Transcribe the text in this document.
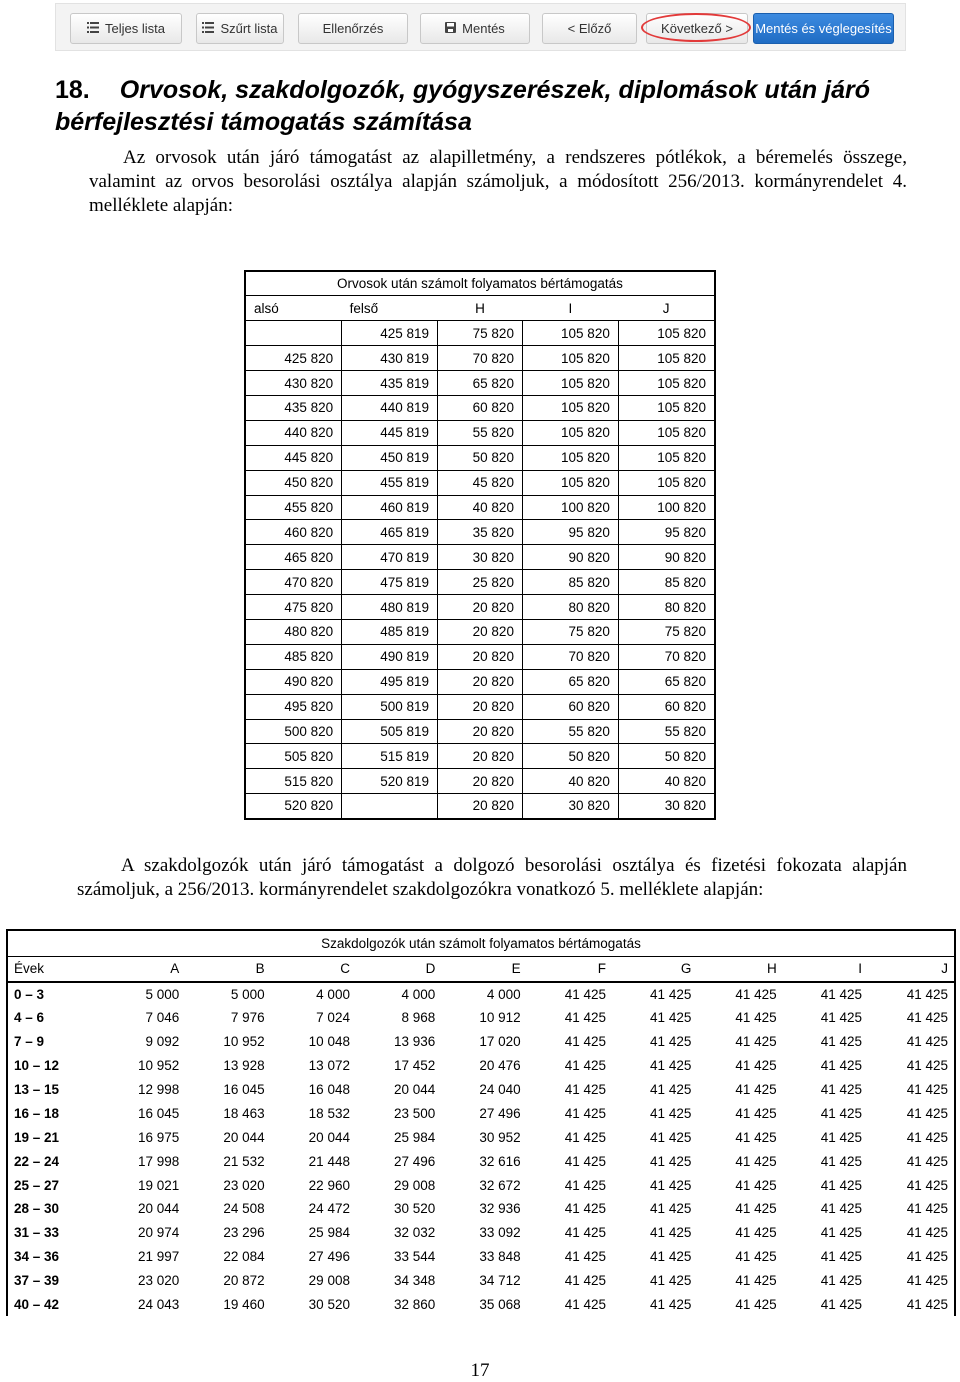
Teljes lista	Szűrt lista	Ellenőrzés	Mentés	< Előző	Következő > Mentés és véglegesítés
18. Orvosok, szakdolgozók, gyógyszerészek, diplomások után járó bérfejlesztési támogatás számítása

Az orvosok után járó támogatást az alapilletmény, a rendszeres pótlékok, a béremelés összege, valamint az orvos besorolási osztálya alapján számoljuk, a módosított 256/2013. kormányrendelet 4. melléklete alapján:

Orvosok után számolt folyamatos bértámogatás				
alsó	felső	H	I	J
	425 819	75 820	105 820	105 820
425 820	430 819	70 820	105 820	105 820
430 820	435 819	65 820	105 820	105 820
435 820	440 819	60 820	105 820	105 820
440 820	445 819	55 820	105 820	105 820
445 820	450 819	50 820	105 820	105 820
450 820	455 819	45 820	105 820	105 820
455 820	460 819	40 820	100 820	100 820
460 820	465 819	35 820	95 820	95 820
465 820	470 819	30 820	90 820	90 820
470 820	475 819	25 820	85 820	85 820
475 820	480 819	20 820	80 820	80 820
480 820	485 819	20 820	75 820	75 820
485 820	490 819	20 820	70 820	70 820
490 820	495 819	20 820	65 820	65 820
495 820	500 819	20 820	60 820	60 820
500 820	505 819	20 820	55 820	55 820
505 820	515 819	20 820	50 820	50 820
515 820	520 819	20 820	40 820	40 820
520 820		20 820	30 820	30 820

A szakdolgozók után járó támogatást a dolgozó besorolási osztálya és fizetési fokozata alapján számoljuk, a 256/2013. kormányrendelet szakdolgozókra vonatkozó 5. melléklete alapján:

Szakdolgozók után számolt folyamatos bértámogatás										
Évek	A	B	C	D	E	F	G	H	I	J
0 – 3	5 000	5 000	4 000	4 000	4 000	41 425	41 425	41 425	41 425	41 425
4 – 6	7 046	7 976	7 024	8 968	10 912	41 425	41 425	41 425	41 425	41 425
7 – 9	9 092	10 952	10 048	13 936	17 020	41 425	41 425	41 425	41 425	41 425
10 – 12	10 952	13 928	13 072	17 452	20 476	41 425	41 425	41 425	41 425	41 425
13 – 15	12 998	16 045	16 048	20 044	24 040	41 425	41 425	41 425	41 425	41 425
16 – 18	16 045	18 463	18 532	23 500	27 496	41 425	41 425	41 425	41 425	41 425
19 – 21	16 975	20 044	20 044	25 984	30 952	41 425	41 425	41 425	41 425	41 425
22 – 24	17 998	21 532	21 448	27 496	32 616	41 425	41 425	41 425	41 425	41 425
25 – 27	19 021	23 020	22 960	29 008	32 672	41 425	41 425	41 425	41 425	41 425
28 – 30	20 044	24 508	24 472	30 520	32 936	41 425	41 425	41 425	41 425	41 425
31 – 33	20 974	23 296	25 984	32 032	33 092	41 425	41 425	41 425	41 425	41 425
34 – 36	21 997	22 084	27 496	33 544	33 848	41 425	41 425	41 425	41 425	41 425
37 – 39	23 020	20 872	29 008	34 348	34 712	41 425	41 425	41 425	41 425	41 425
40 – 42	24 043	19 460	30 520	32 860	35 068	41 425	41 425	41 425	41 425	41 425
17
